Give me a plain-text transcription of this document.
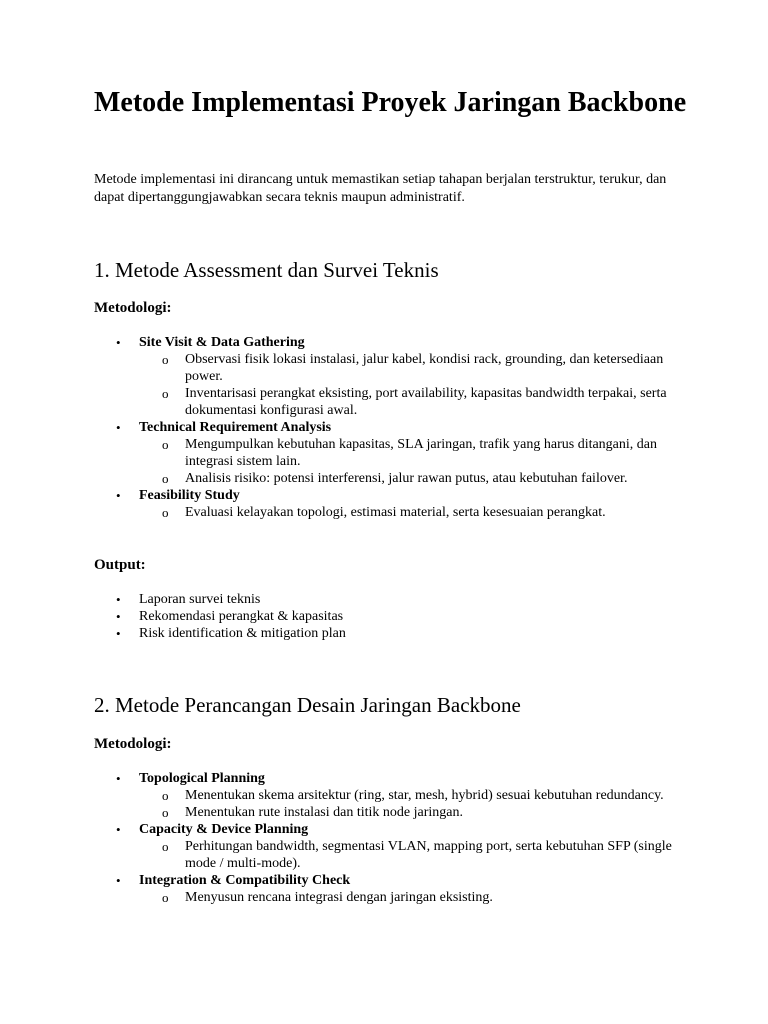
Metode Implementasi Proyek Jaringan Backbone

Metode implementasi ini dirancang untuk memastikan setiap tahapan berjalan terstruktur, terukur, dan dapat dipertanggungjawabkan secara teknis maupun administratif.

1. Metode Assessment dan Survei Teknis
Metodologi:
• Site Visit & Data Gathering
o Observasi fisik lokasi instalasi, jalur kabel, kondisi rack, grounding, dan ketersediaan power.
o Inventarisasi perangkat eksisting, port availability, kapasitas bandwidth terpakai, serta dokumentasi konfigurasi awal.
• Technical Requirement Analysis
o Mengumpulkan kebutuhan kapasitas, SLA jaringan, trafik yang harus ditangani, dan integrasi sistem lain.
o Analisis risiko: potensi interferensi, jalur rawan putus, atau kebutuhan failover.
• Feasibility Study
o Evaluasi kelayakan topologi, estimasi material, serta kesesuaian perangkat.
Output:
• Laporan survei teknis
• Rekomendasi perangkat & kapasitas
• Risk identification & mitigation plan
2. Metode Perancangan Desain Jaringan Backbone
Metodologi:
• Topological Planning
o Menentukan skema arsitektur (ring, star, mesh, hybrid) sesuai kebutuhan redundancy.
o Menentukan rute instalasi dan titik node jaringan.
• Capacity & Device Planning
o Perhitungan bandwidth, segmentasi VLAN, mapping port, serta kebutuhan SFP (single mode / multi-mode).
• Integration & Compatibility Check
o Menyusun rencana integrasi dengan jaringan eksisting.
